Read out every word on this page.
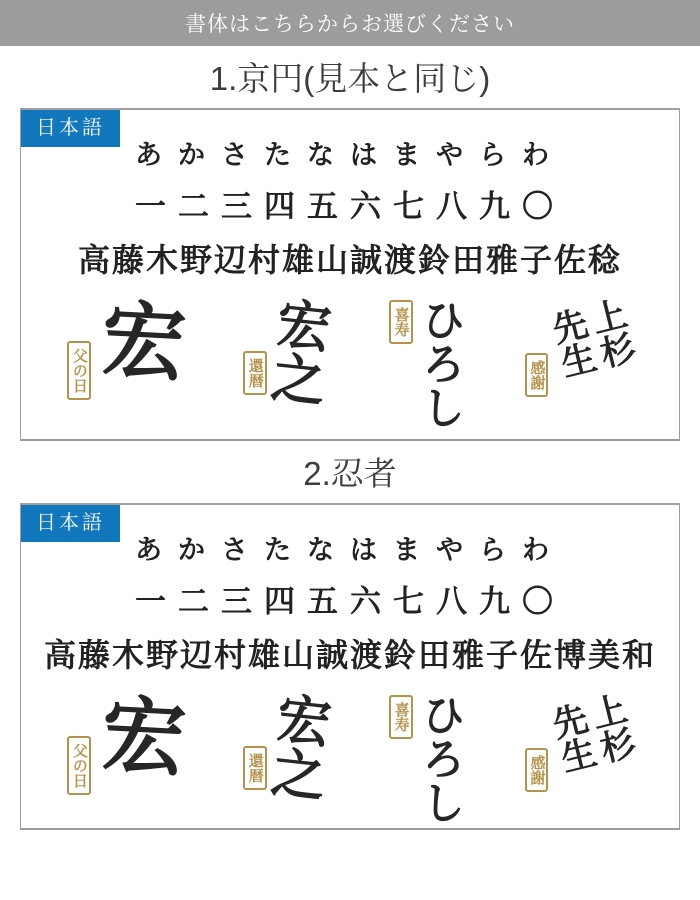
書体はこちらからお選びください
1.京円(見本と同じ)
日本語
あかさたなはまやらわ
一二三四五六七八九〇
高藤木野辺村雄山誠渡鈴田雅子佐稔
父の日
宏	還暦
宏之	喜寿 ひろし	感謝
上杉先生
2.忍者
日本語
あかさたなはまやらわ
一二三四五六七八九〇
高藤木野辺村雄山誠渡鈴田雅子佐博美和
父の日
宏	還暦
宏之	喜寿 ひろし	感謝
上杉先生
